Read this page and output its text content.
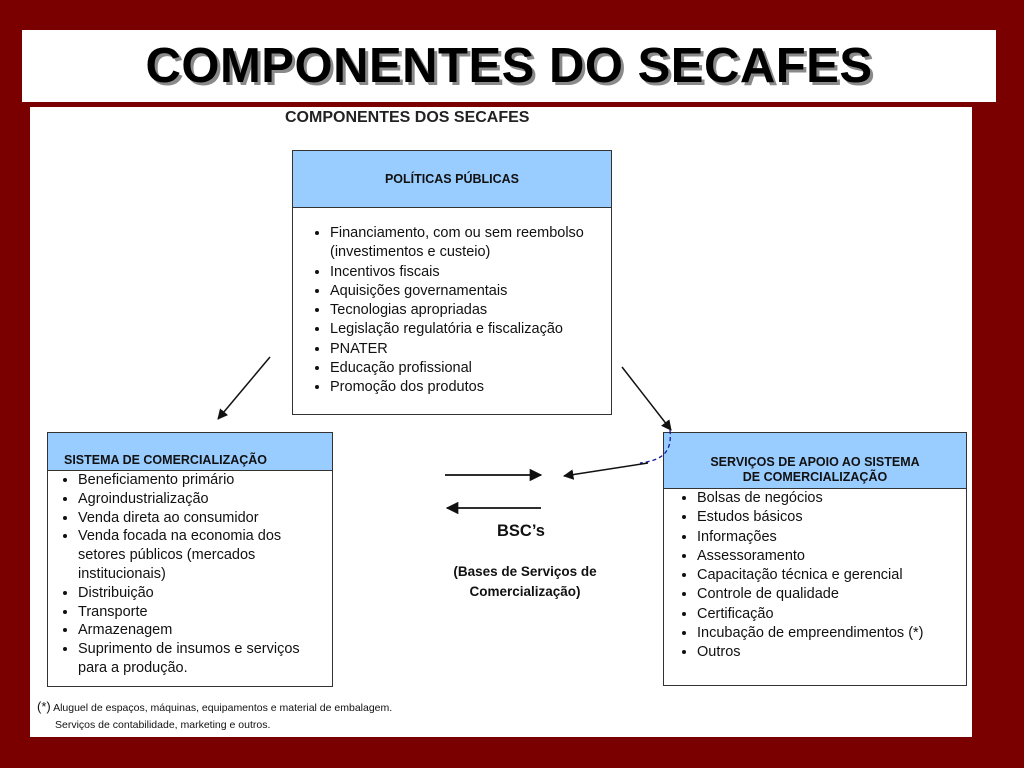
COMPONENTES DO SECAFES
COMPONENTES DOS SECAFES
POLÍTICAS PÚBLICAS
• Financiamento, com ou sem reembolso (investimentos e custeio)
• Incentivos fiscais
• Aquisições governamentais
• Tecnologias apropriadas
• Legislação regulatória e fiscalização
• PNATER
• Educação profissional
• Promoção dos produtos
SISTEMA DE COMERCIALIZAÇÃO
• Beneficiamento primário
• Agroindustrialização
• Venda direta ao consumidor
• Venda focada na economia dos setores públicos (mercados institucionais)
• Distribuição
• Transporte
• Armazenagem
• Suprimento de insumos e serviços para a produção.
SERVIÇOS DE APOIO AO SISTEMA
DE COMERCIALIZAÇÃO
• Bolsas de negócios
• Estudos básicos
• Informações
• Assessoramento
• Capacitação técnica e gerencial
• Controle de qualidade
• Certificação
• Incubação de empreendimentos (*)
• Outros
BSC’s
(Bases de Serviços de
Comercialização)
(*) Aluguel de espaços, máquinas, equipamentos e material de embalagem.
Serviços de contabilidade, marketing e outros.
